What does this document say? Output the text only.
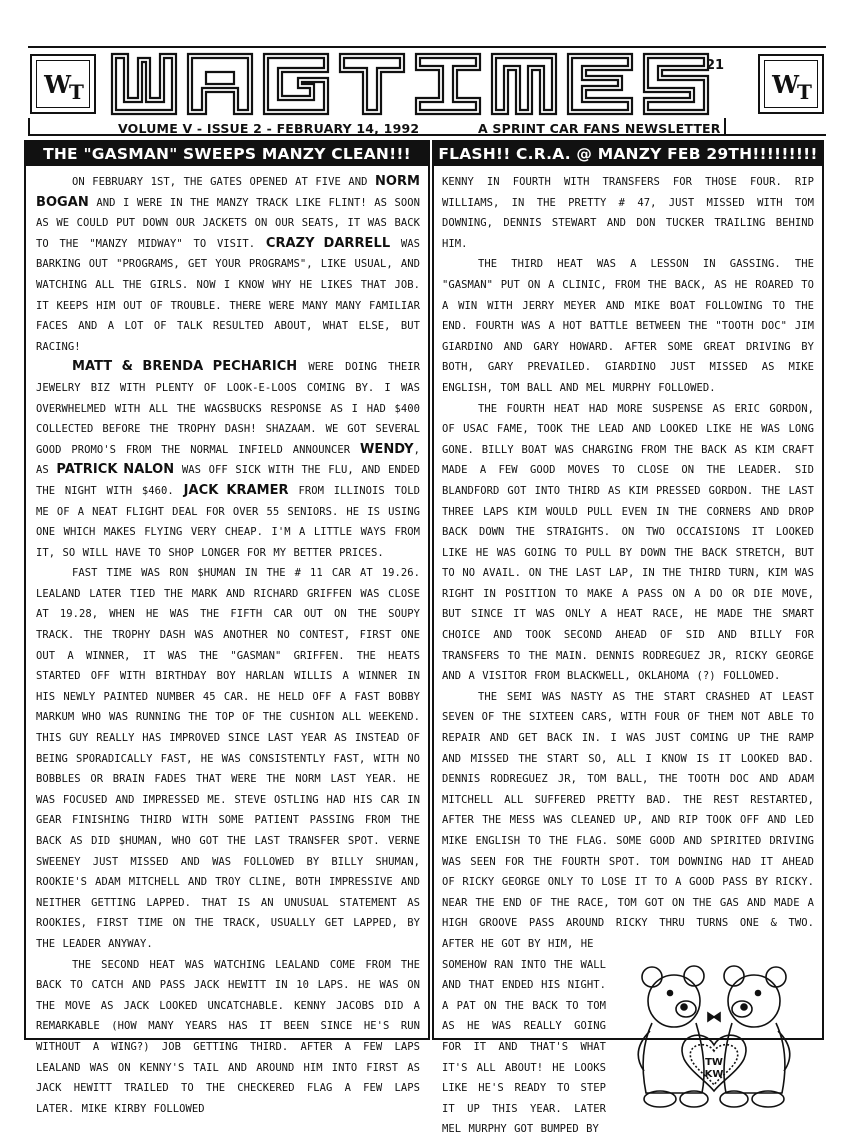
$W_T$	$W_T$
21
VOLUME V - ISSUE 2 - FEBRUARY 14, 1992	A SPRINT CAR FANS NEWSLETTER
THE "GASMAN" SWEEPS MANZY CLEAN!!!

ON FEBRUARY 1ST, THE GATES OPENED AT FIVE AND NORM BOGAN AND I WERE IN THE MANZY TRACK LIKE FLINT! AS SOON AS WE COULD PUT DOWN OUR JACKETS ON OUR SEATS, IT WAS BACK TO THE "MANZY MIDWAY" TO VISIT. CRAZY DARRELL WAS BARKING OUT "PROGRAMS, GET YOUR PROGRAMS", LIKE USUAL, AND WATCHING ALL THE GIRLS. NOW I KNOW WHY HE LIKES THAT JOB. IT KEEPS HIM OUT OF TROUBLE. THERE WERE MANY MANY FAMILIAR FACES AND A LOT OF TALK RESULTED ABOUT, WHAT ELSE, BUT RACING!

MATT & BRENDA PECHARICH WERE DOING THEIR JEWELRY BIZ WITH PLENTY OF LOOK-E-LOOS COMING BY. I WAS OVERWHELMED WITH ALL THE WAGSBUCKS RESPONSE AS I HAD $400 COLLECTED BEFORE THE TROPHY DASH! SHAZAAM. WE GOT SEVERAL GOOD PROMO'S FROM THE NORMAL INFIELD ANNOUNCER WENDY, AS PATRICK NALON WAS OFF SICK WITH THE FLU, AND ENDED THE NIGHT WITH $460. JACK KRAMER FROM ILLINOIS TOLD ME OF A NEAT FLIGHT DEAL FOR OVER 55 SENIORS. HE IS USING ONE WHICH MAKES FLYING VERY CHEAP. I'M A LITTLE WAYS FROM IT, SO WILL HAVE TO SHOP LONGER FOR MY BETTER PRICES.

FAST TIME WAS RON $HUMAN IN THE # 11 CAR AT 19.26. LEALAND LATER TIED THE MARK AND RICHARD GRIFFEN WAS CLOSE AT 19.28, WHEN HE WAS THE FIFTH CAR OUT ON THE SOUPY TRACK. THE TROPHY DASH WAS ANOTHER NO CONTEST, FIRST ONE OUT A WINNER, IT WAS THE "GASMAN" GRIFFEN. THE HEATS STARTED OFF WITH BIRTHDAY BOY HARLAN WILLIS A WINNER IN HIS NEWLY PAINTED NUMBER 45 CAR. HE HELD OFF A FAST BOBBY MARKUM WHO WAS RUNNING THE TOP OF THE CUSHION ALL WEEKEND. THIS GUY REALLY HAS IMPROVED SINCE LAST YEAR AS INSTEAD OF BEING SPORADICALLY FAST, HE WAS CONSISTENTLY FAST, WITH NO BOBBLES OR BRAIN FADES THAT WERE THE NORM LAST YEAR. HE WAS FOCUSED AND IMPRESSED ME. STEVE OSTLING HAD HIS CAR IN GEAR FINISHING THIRD WITH SOME PATIENT PASSING FROM THE BACK AS DID $HUMAN, WHO GOT THE LAST TRANSFER SPOT. VERNE SWEENEY JUST MISSED AND WAS FOLLOWED BY BILLY SHUMAN, ROOKIE'S ADAM MITCHELL AND TROY CLINE, BOTH IMPRESSIVE AND NEITHER GETTING LAPPED. THAT IS AN UNUSUAL STATEMENT AS ROOKIES, FIRST TIME ON THE TRACK, USUALLY GET LAPPED, BY THE LEADER ANYWAY.

THE SECOND HEAT WAS WATCHING LEALAND COME FROM THE BACK TO CATCH AND PASS JACK HEWITT IN 10 LAPS. HE WAS ON THE MOVE AS JACK LOOKED UNCATCHABLE. KENNY JACOBS DID A REMARKABLE (HOW MANY YEARS HAS IT BEEN SINCE HE'S RUN WITHOUT A WING?) JOB GETTING THIRD. AFTER A FEW LAPS LEALAND WAS ON KENNY'S TAIL AND AROUND HIM INTO FIRST AS JACK HEWITT TRAILED TO THE CHECKERED FLAG A FEW LAPS LATER. MIKE KIRBY FOLLOWED

FLASH!! C.R.A. @ MANZY FEB 29TH!!!!!!!!!

KENNY IN FOURTH WITH TRANSFERS FOR THOSE FOUR. RIP WILLIAMS, IN THE PRETTY # 47, JUST MISSED WITH TOM DOWNING, DENNIS STEWART AND DON TUCKER TRAILING BEHIND HIM.

THE THIRD HEAT WAS A LESSON IN GASSING. THE "GASMAN" PUT ON A CLINIC, FROM THE BACK, AS HE ROARED TO A WIN WITH JERRY MEYER AND MIKE BOAT FOLLOWING TO THE END. FOURTH WAS A HOT BATTLE BETWEEN THE "TOOTH DOC" JIM GIARDINO AND GARY HOWARD. AFTER SOME GREAT DRIVING BY BOTH, GARY PREVAILED. GIARDINO JUST MISSED AS MIKE ENGLISH, TOM BALL AND MEL MURPHY FOLLOWED.

THE FOURTH HEAT HAD MORE SUSPENSE AS ERIC GORDON, OF USAC FAME, TOOK THE LEAD AND LOOKED LIKE HE WAS LONG GONE. BILLY BOAT WAS CHARGING FROM THE BACK AS KIM CRAFT MADE A FEW GOOD MOVES TO CLOSE ON THE LEADER. SID BLANDFORD GOT INTO THIRD AS KIM PRESSED GORDON. THE LAST THREE LAPS KIM WOULD PULL EVEN IN THE CORNERS AND DROP BACK DOWN THE STRAIGHTS. ON TWO OCCAISIONS IT LOOKED LIKE HE WAS GOING TO PULL BY DOWN THE BACK STRETCH, BUT TO NO AVAIL. ON THE LAST LAP, IN THE THIRD TURN, KIM WAS RIGHT IN POSITION TO MAKE A PASS ON A DO OR DIE MOVE, BUT SINCE IT WAS ONLY A HEAT RACE, HE MADE THE SMART CHOICE AND TOOK SECOND AHEAD OF SID AND BILLY FOR TRANSFERS TO THE MAIN. DENNIS RODREGUEZ JR, RICKY GEORGE AND A VISITOR FROM BLACKWELL, OKLAHOMA (?) FOLLOWED.

THE SEMI WAS NASTY AS THE START CRASHED AT LEAST SEVEN OF THE SIXTEEN CARS, WITH FOUR OF THEM NOT ABLE TO REPAIR AND GET BACK IN. I WAS JUST COMING UP THE RAMP AND MISSED THE START SO, ALL I KNOW IS IT LOOKED BAD. DENNIS RODREGUEZ JR, TOM BALL, THE TOOTH DOC AND ADAM MITCHELL ALL SUFFERED PRETTY BAD. THE REST RESTARTED, AFTER THE MESS WAS CLEANED UP, AND RIP TOOK OFF AND LED MIKE ENGLISH TO THE FLAG. SOME GOOD AND SPIRITED DRIVING WAS SEEN FOR THE FOURTH SPOT. TOM DOWNING HAD IT AHEAD OF RICKY GEORGE ONLY TO LOSE IT TO A GOOD PASS BY RICKY. NEAR THE END OF THE RACE, TOM GOT ON THE GAS AND MADE A HIGH GROOVE PASS AROUND RICKY THRU TURNS ONE & TWO. AFTER HE GOT BY HIM, HE

TW
KW

SOMEHOW RAN INTO THE WALL AND THAT ENDED HIS NIGHT. A PAT ON THE BACK TO TOM AS HE WAS REALLY GOING FOR IT AND THAT'S WHAT IT'S ALL ABOUT! HE LOOKS LIKE HE'S READY TO STEP IT UP THIS YEAR. LATER MEL MURPHY GOT BUMPED BY
